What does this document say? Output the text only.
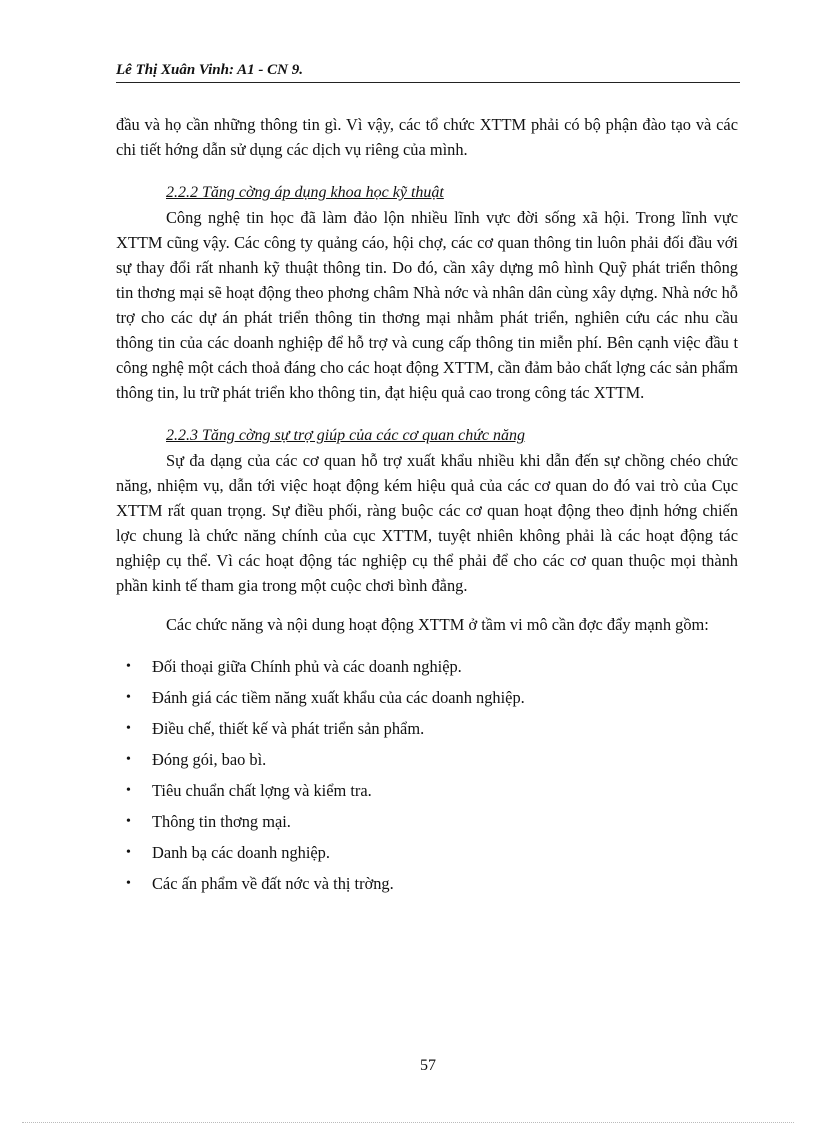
Lê Thị Xuân Vinh: A1 - CN 9.

đầu và họ cần những thông tin gì. Vì vậy, các tổ chức XTTM phải có bộ phận đào tạo và các chi tiết hớng dẫn sử dụng các dịch vụ riêng của mình.

2.2.2 Tăng cờng áp dụng khoa học kỹ thuật

Công nghệ tin học đã làm đảo lộn nhiều lĩnh vực đời sống xã hội. Trong lĩnh vực XTTM cũng vậy. Các công ty quảng cáo, hội chợ, các cơ quan thông tin luôn phải đối đầu với sự thay đổi rất nhanh kỹ thuật thông tin. Do đó, cần xây dựng mô hình Quỹ phát triển thông tin thơng mại sẽ hoạt động theo phơng châm Nhà nớc và nhân dân cùng xây dựng. Nhà nớc hỗ trợ cho các dự án phát triển thông tin thơng mại nhằm phát triển, nghiên cứu các nhu cầu thông tin của các doanh nghiệp để hỗ trợ và cung cấp thông tin miễn phí. Bên cạnh việc đầu t công nghệ một cách thoả đáng cho các hoạt động XTTM, cần đảm bảo chất lợng các sản phẩm thông tin, lu trữ phát triển kho thông tin, đạt hiệu quả cao trong công tác XTTM.

2.2.3 Tăng cờng sự trợ giúp của các cơ quan chức năng

Sự đa dạng của các cơ quan hỗ trợ xuất khẩu nhiều khi dẫn đến sự chồng chéo chức năng, nhiệm vụ, dẫn tới việc hoạt động kém hiệu quả của các cơ quan do đó vai trò của Cục XTTM rất quan trọng. Sự điều phối, ràng buộc các cơ quan hoạt động theo định hớng chiến lợc chung là chức năng chính của cục XTTM, tuyệt nhiên không phải là các hoạt động tác nghiệp cụ thể. Vì các hoạt động tác nghiệp cụ thể phải để cho các cơ quan thuộc mọi thành phần kinh tế tham gia trong một cuộc chơi bình đẳng.

Các chức năng và nội dung hoạt động XTTM ở tầm vi mô cần đợc đẩy mạnh gồm:

• Đối thoại giữa Chính phủ và các doanh nghiệp.
• Đánh giá các tiềm năng xuất khẩu của các doanh nghiệp.
• Điều chế, thiết kế và phát triển sản phẩm.
• Đóng gói, bao bì.
• Tiêu chuẩn chất lợng và kiểm tra.
• Thông tin thơng mại.
• Danh bạ các doanh nghiệp.
• Các ấn phẩm về đất nớc và thị trờng.
57
